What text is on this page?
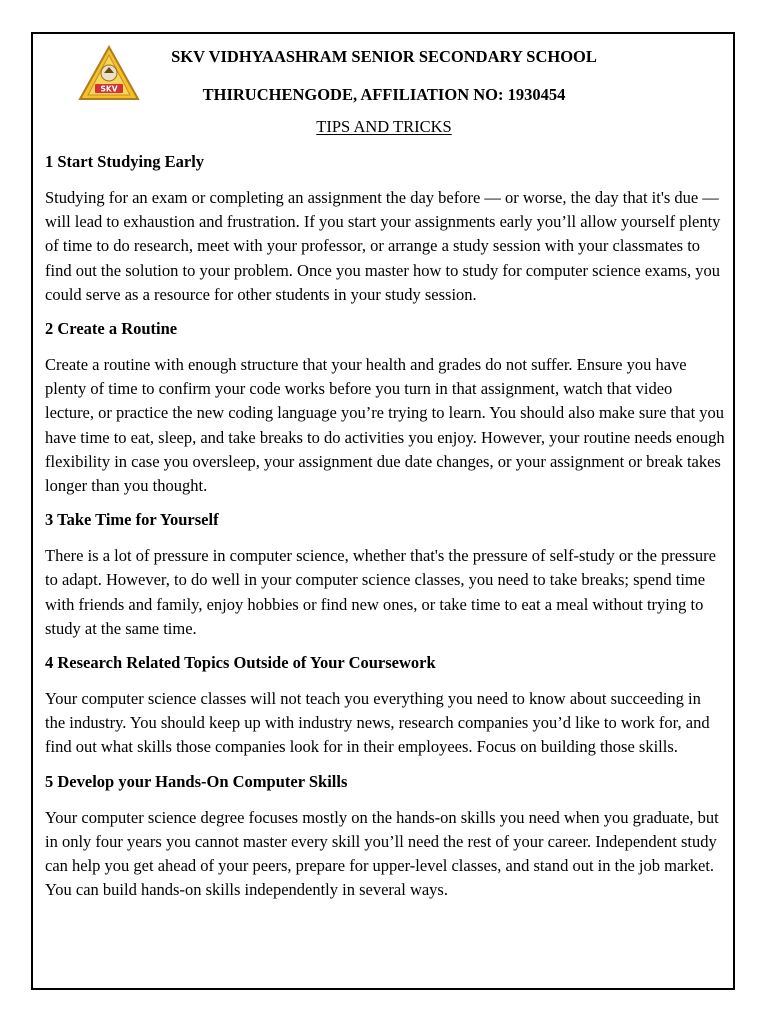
SKV
SKV VIDHYAASHRAM SENIOR SECONDARY SCHOOL
THIRUCHENGODE, AFFILIATION NO: 1930454
TIPS AND TRICKS
1 Start Studying Early

Studying for an exam or completing an assignment the day before — or worse, the day that it's due — will lead to exhaustion and frustration. If you start your assignments early you’ll allow yourself plenty of time to do research, meet with your professor, or arrange a study session with your classmates to find out the solution to your problem. Once you master how to study for computer science exams, you could serve as a resource for other students in your study session.

2 Create a Routine

Create a routine with enough structure that your health and grades do not suffer. Ensure you have plenty of time to confirm your code works before you turn in that assignment, watch that video lecture, or practice the new coding language you’re trying to learn. You should also make sure that you have time to eat, sleep, and take breaks to do activities you enjoy. However, your routine needs enough flexibility in case you oversleep, your assignment due date changes, or your assignment or break takes longer than you thought.

3 Take Time for Yourself

There is a lot of pressure in computer science, whether that's the pressure of self-study or the pressure to adapt. However, to do well in your computer science classes, you need to take breaks; spend time with friends and family, enjoy hobbies or find new ones, or take time to eat a meal without trying to study at the same time.

4 Research Related Topics Outside of Your Coursework

Your computer science classes will not teach you everything you need to know about succeeding in the industry. You should keep up with industry news, research companies you’d like to work for, and find out what skills those companies look for in their employees. Focus on building those skills.

5 Develop your Hands-On Computer Skills

Your computer science degree focuses mostly on the hands-on skills you need when you graduate, but in only four years you cannot master every skill you’ll need the rest of your career. Independent study can help you get ahead of your peers, prepare for upper-level classes, and stand out in the job market. You can build hands-on skills independently in several ways.
